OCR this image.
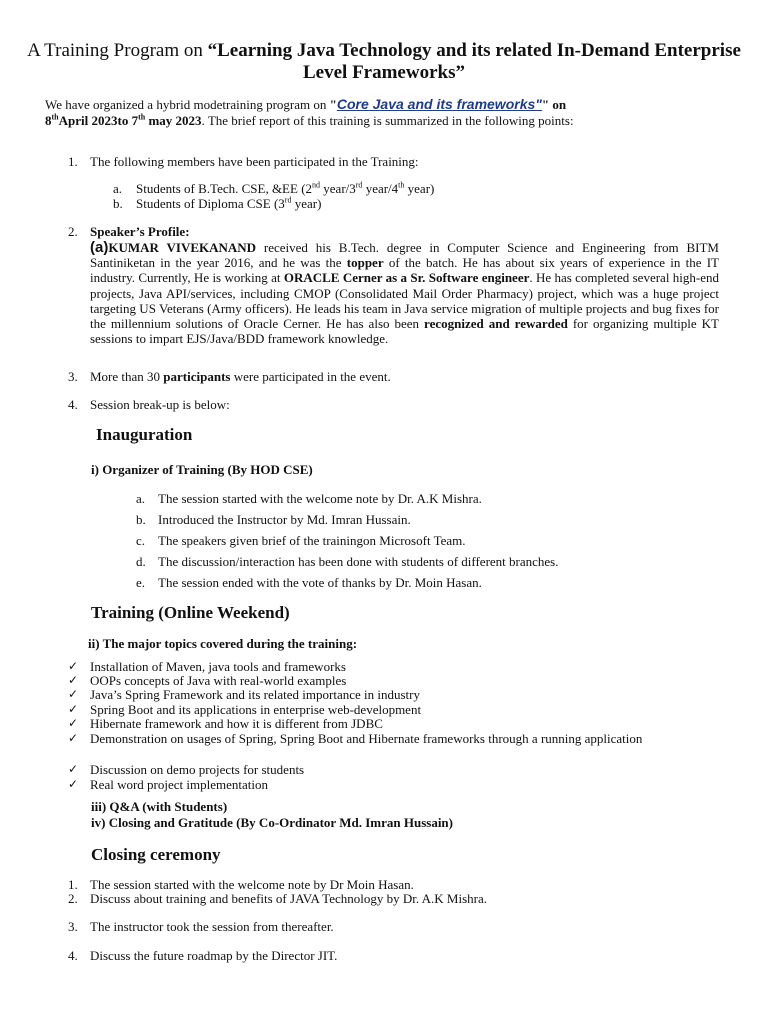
A Training Program on “Learning Java Technology and its related In-Demand Enterprise Level Frameworks”
We have organized a hybrid modetraining program on "Core Java and its frameworks"" on
8thApril 2023to 7th may 2023. The brief report of this training is summarized in the following points:
1. The following members have been participated in the Training:
a. Students of B.Tech. CSE, &EE (2nd year/3rd year/4th year)
b. Students of Diploma CSE (3rd year)
2. Speaker’s Profile:
(a)KUMAR VIVEKANAND received his B.Tech. degree in Computer Science and Engineering from BITM Santiniketan in the year 2016, and he was the topper of the batch. He has about six years of experience in the IT industry. Currently, He is working at ORACLE Cerner as a Sr. Software engineer. He has completed several high-end projects, Java API/services, including CMOP (Consolidated Mail Order Pharmacy) project, which was a huge project targeting US Veterans (Army officers). He leads his team in Java service migration of multiple projects and bug fixes for the millennium solutions of Oracle Cerner. He has also been recognized and rewarded for organizing multiple KT sessions to impart EJS/Java/BDD framework knowledge.
3. More than 30 participants were participated in the event.
4. Session break-up is below:
Inauguration
i) Organizer of Training (By HOD CSE)
a. The session started with the welcome note by Dr. A.K Mishra.
b. Introduced the Instructor by Md. Imran Hussain.
c. The speakers given brief of the trainingon Microsoft Team.
d. The discussion/interaction has been done with students of different branches.
e. The session ended with the vote of thanks by Dr. Moin Hasan.
Training (Online Weekend)
ii) The major topics covered during the training:
✓ Installation of Maven, java tools and frameworks
✓ OOPs concepts of Java with real-world examples
✓ Java’s Spring Framework and its related importance in industry
✓ Spring Boot and its applications in enterprise web-development
✓ Hibernate framework and how it is different from JDBC
✓ Demonstration on usages of Spring, Spring Boot and Hibernate frameworks through a running application
✓ Discussion on demo projects for students
✓ Real word project implementation
iii) Q&A (with Students)
iv) Closing and Gratitude (By Co-Ordinator Md. Imran Hussain)
Closing ceremony
1. The session started with the welcome note by Dr Moin Hasan.
2. Discuss about training and benefits of JAVA Technology by Dr. A.K Mishra.
3. The instructor took the session from thereafter.
4. Discuss the future roadmap by the Director JIT.
